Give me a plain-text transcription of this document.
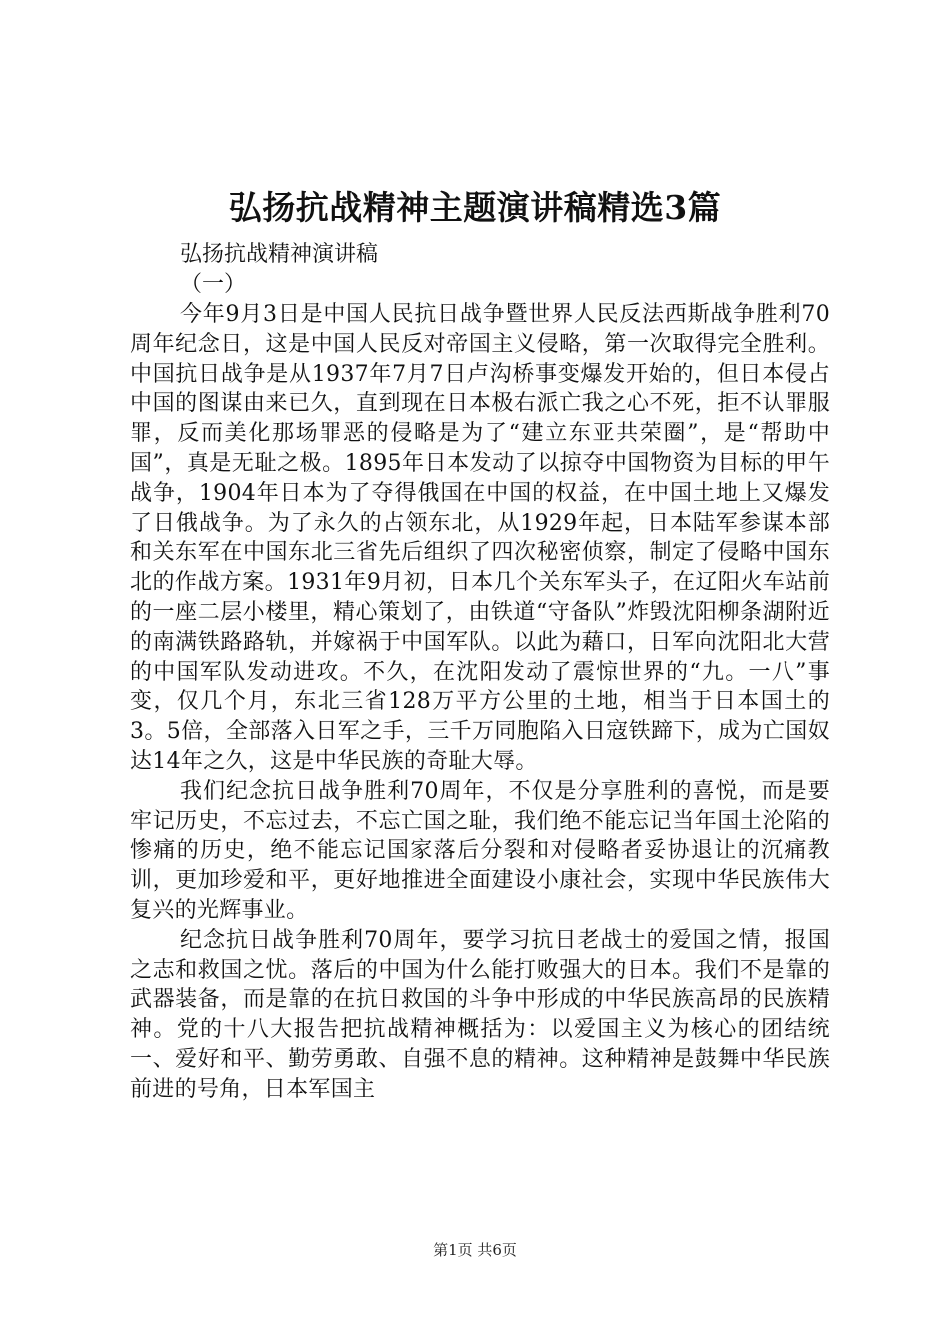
弘扬抗战精神主题演讲稿精选3篇
弘扬抗战精神演讲稿
（一）

今年9月3日是中国人民抗日战争暨世界人民反法西斯战争胜利70周年纪念日，这是中国人民反对帝国主义侵略，第一次取得完全胜利。中国抗日战争是从1937年7月7日卢沟桥事变爆发开始的，但日本侵占中国的图谋由来已久，直到现在日本极右派亡我之心不死，拒不认罪服罪，反而美化那场罪恶的侵略是为了“建立东亚共荣圈”，是“帮助中国”，真是无耻之极。1895年日本发动了以掠夺中国物资为目标的甲午战争，1904年日本为了夺得俄国在中国的权益，在中国土地上又爆发了日俄战争。为了永久的占领东北，从1929年起，日本陆军参谋本部和关东军在中国东北三省先后组织了四次秘密侦察，制定了侵略中国东北的作战方案。1931年9月初，日本几个关东军头子，在辽阳火车站前的一座二层小楼里，精心策划了，由铁道“守备队”炸毁沈阳柳条湖附近的南满铁路路轨，并嫁祸于中国军队。以此为藉口，日军向沈阳北大营的中国军队发动进攻。不久，在沈阳发动了震惊世界的“九。一八”事变，仅几个月，东北三省128万平方公里的土地，相当于日本国土的3。5倍，全部落入日军之手，三千万同胞陷入日寇铁蹄下，成为亡国奴达14年之久，这是中华民族的奇耻大辱。

我们纪念抗日战争胜利70周年，不仅是分享胜利的喜悦，而是要牢记历史，不忘过去，不忘亡国之耻，我们绝不能忘记当年国土沦陷的惨痛的历史，绝不能忘记国家落后分裂和对侵略者妥协退让的沉痛教训，更加珍爱和平，更好地推进全面建设小康社会，实现中华民族伟大复兴的光辉事业。

纪念抗日战争胜利70周年，要学习抗日老战士的爱国之情，报国之志和救国之忧。落后的中国为什么能打败强大的日本。我们不是靠的武器装备，而是靠的在抗日救国的斗争中形成的中华民族高昂的民族精神。党的十八大报告把抗战精神概括为：以爱国主义为核心的团结统一、爱好和平、勤劳勇敢、自强不息的精神。这种精神是鼓舞中华民族前进的号角，日本军国主

第1页 共6页
